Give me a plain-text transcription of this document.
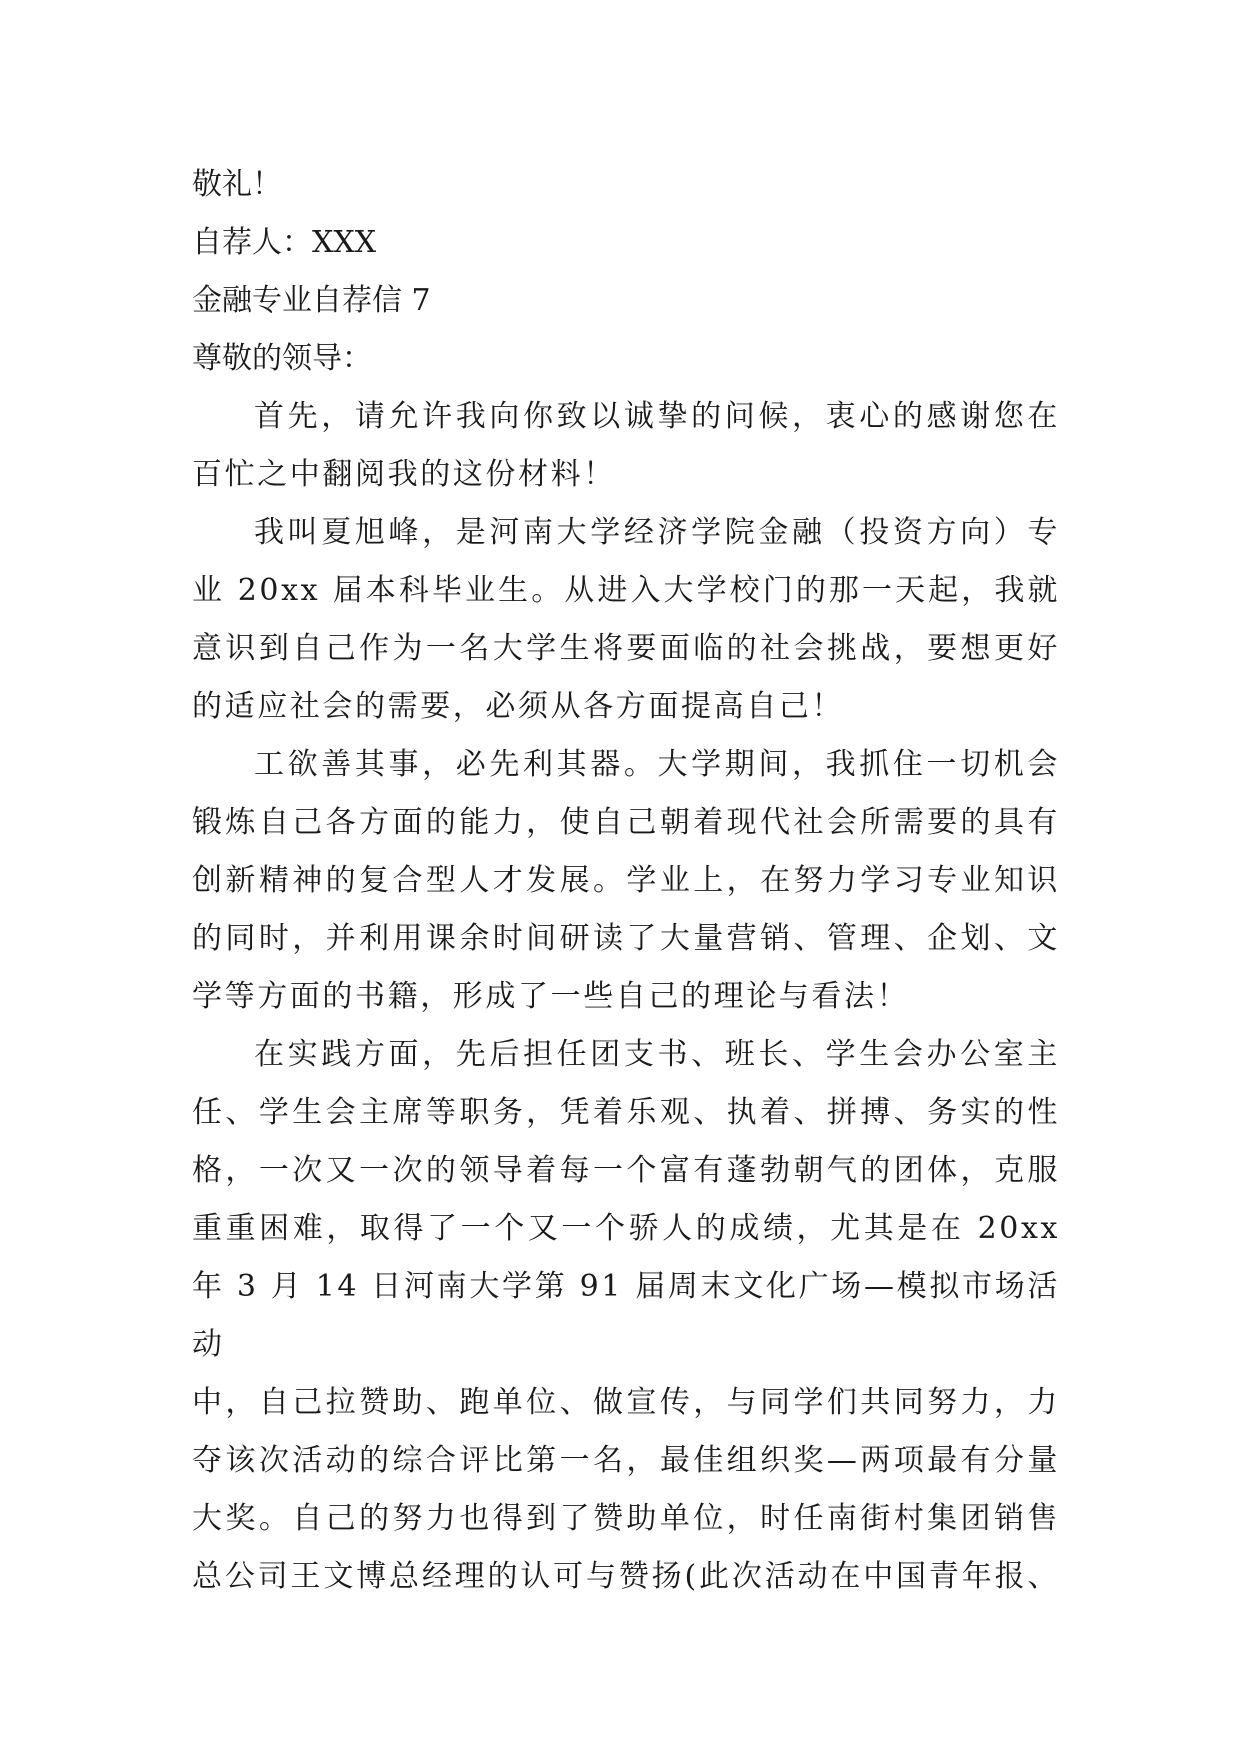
敬礼！

自荐人：XXX

金融专业自荐信 7

尊敬的领导：

首先，请允许我向你致以诚挚的问候，衷心的感谢您在

百忙之中翻阅我的这份材料！

我叫夏旭峰，是河南大学经济学院金融（投资方向）专

业 20xx 届本科毕业生。从进入大学校门的那一天起，我就

意识到自己作为一名大学生将要面临的社会挑战，要想更好

的适应社会的需要，必须从各方面提高自己！

工欲善其事，必先利其器。大学期间，我抓住一切机会

锻炼自己各方面的能力，使自己朝着现代社会所需要的具有

创新精神的复合型人才发展。学业上，在努力学习专业知识

的同时，并利用课余时间研读了大量营销、管理、企划、文

学等方面的书籍，形成了一些自己的理论与看法！

在实践方面，先后担任团支书、班长、学生会办公室主

任、学生会主席等职务，凭着乐观、执着、拼搏、务实的性

格，一次又一次的领导着每一个富有蓬勃朝气的团体，克服

重重困难，取得了一个又一个骄人的成绩，尤其是在 20xx

年 3 月 14 日河南大学第 91 届周末文化广场—模拟市场活动

中，自己拉赞助、跑单位、做宣传，与同学们共同努力，力

夺该次活动的综合评比第一名，最佳组织奖—两项最有分量

大奖。自己的努力也得到了赞助单位，时任南街村集团销售

总公司王文博总经理的认可与赞扬(此次活动在中国青年报、
